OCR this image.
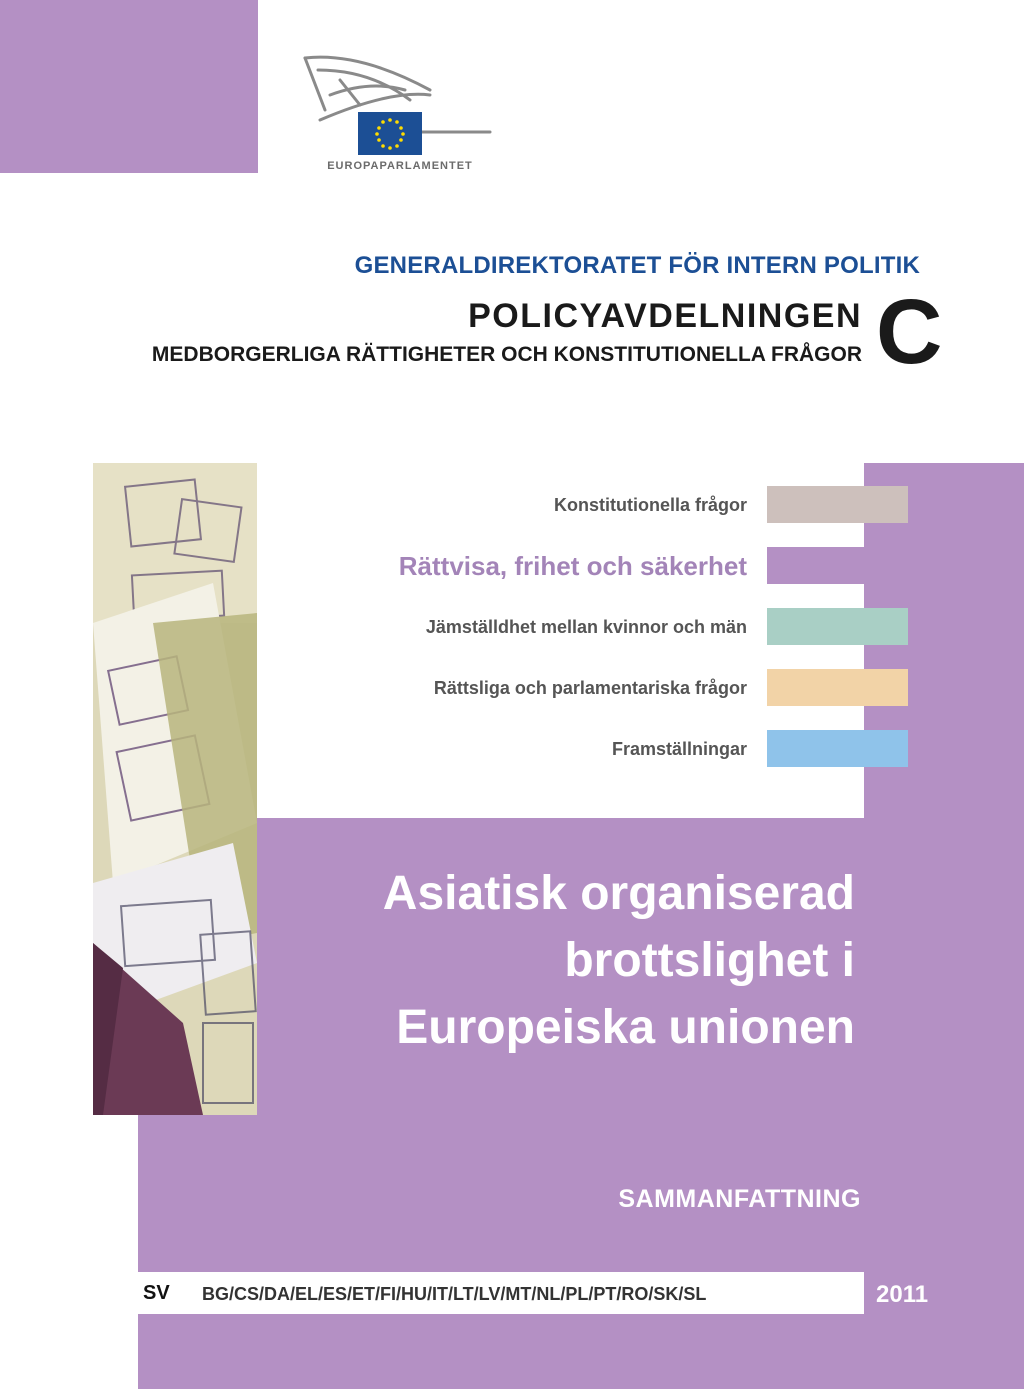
EUROPAPARLAMENTET
GENERALDIREKTORATET FÖR INTERN POLITIK
POLICYAVDELNINGEN
MEDBORGERLIGA RÄTTIGHETER OCH KONSTITUTIONELLA FRÅGOR C
Konstitutionella frågor
Rättvisa, frihet och säkerhet
Jämställdhet mellan kvinnor och män
Rättsliga och parlamentariska frågor
Framställningar
Asiatisk organiserad
brottslighet i
Europeiska unionen
SAMMANFATTNING
SV BG/CS/DA/EL/ES/ET/FI/HU/IT/LT/LV/MT/NL/PL/PT/RO/SK/SL	2011
